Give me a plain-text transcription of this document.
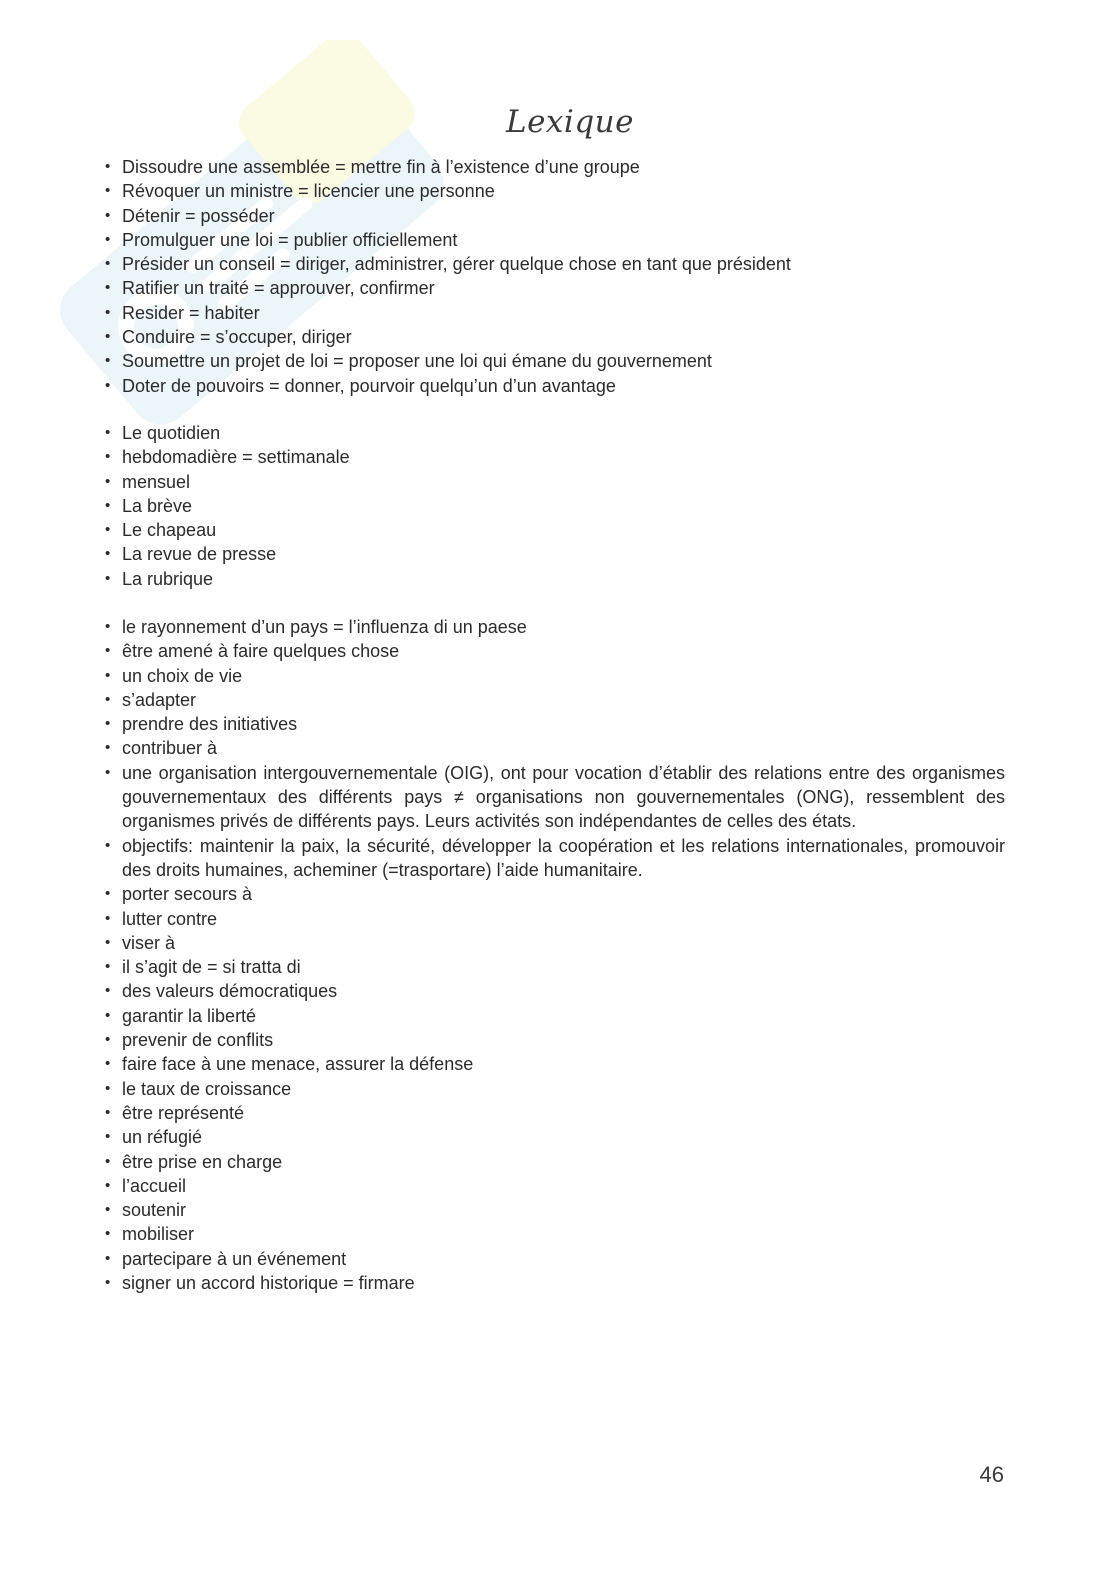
Lexique
• Dissoudre une assemblée = mettre fin à l’existence d’une groupe
• Révoquer un ministre = licencier une personne
• Détenir = posséder
• Promulguer une loi = publier officiellement
• Présider un conseil = diriger, administrer, gérer quelque chose en tant que président
• Ratifier un traité = approuver, confirmer
• Resider = habiter
• Conduire = s’occuper, diriger
• Soumettre un projet de loi = proposer une loi qui émane du gouvernement
• Doter de pouvoirs = donner, pourvoir quelqu’un d’un avantage
• Le quotidien
• hebdomadière = settimanale
• mensuel
• La brève
• Le chapeau
• La revue de presse
• La rubrique
• le rayonnement d’un pays = l’influenza di un paese
• être amené à faire quelques chose
• un choix de vie
• s’adapter
• prendre des initiatives
• contribuer à
• une organisation intergouvernementale (OIG), ont pour vocation d’établir des relations entre des organismes gouvernementaux des différents pays ≠ organisations non gouvernementales (ONG), ressemblent des organismes privés de différents pays. Leurs activités son indépendantes de celles des états.
• objectifs: maintenir la paix, la sécurité, développer la coopération et les relations internationales, promouvoir des droits humaines, acheminer (=trasportare) l’aide humanitaire.
• porter secours à
• lutter contre
• viser à
• il s’agit de = si tratta di
• des valeurs démocratiques
• garantir la liberté
• prevenir de conflits
• faire face à une menace, assurer la défense
• le taux de croissance
• être représenté
• un réfugié
• être prise en charge
• l’accueil
• soutenir
• mobiliser
• partecipare à un événement
• signer un accord historique = firmare
46
